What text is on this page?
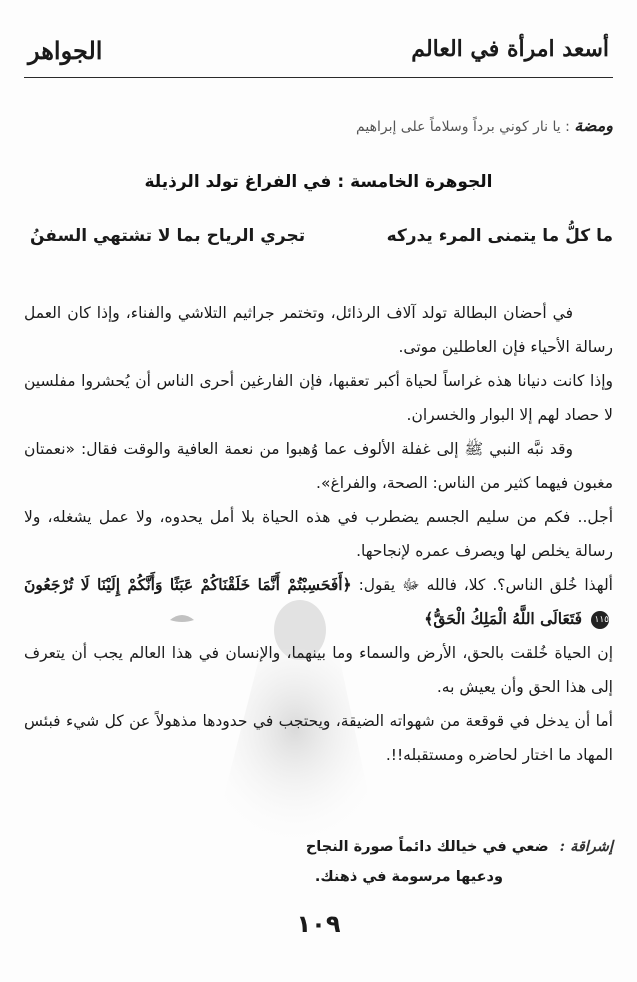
أسعد امرأة في العالم
الجواهر
ومضة : يا نار كوني برداً وسلاماً على إبراهيم
الجوهرة الخامسة : في الفراغ تولد الرذيلة
ما كلُّ ما يتمنى المرء يدركه
تجري الرياح بما لا تشتهي السفنُ

في أحضان البطالة تولد آلاف الرذائل، وتختمر جراثيم التلاشي والفناء، وإذا كان العمل رسالة الأحياء فإن العاطلين موتى.

وإذا كانت دنيانا هذه غراساً لحياة أكبر تعقبها، فإن الفارغين أحرى الناس أن يُحشروا مفلسين لا حصاد لهم إلا البوار والخسران.

وقد نبَّه النبي ﷺ إلى غفلة الألوف عما وُهبوا من نعمة العافية والوقت فقال: «نعمتان مغبون فيهما كثير من الناس: الصحة، والفراغ».

أجل.. فكم من سليم الجسم يضطرب في هذه الحياة بلا أمل يحدوه، ولا عمل يشغله، ولا رسالة يخلص لها ويصرف عمره لإنجاحها.

ألهذا خُلق الناس؟. كلا، فالله ﷻ يقول: ﴿أَفَحَسِبْتُمْ أَنَّمَا خَلَقْنَاكُمْ عَبَثًا وَأَنَّكُمْ إِلَيْنَا لَا تُرْجَعُونَ ١١٥ فَتَعَالَى اللَّهُ الْمَلِكُ الْحَقُّ﴾

إن الحياة خُلقت بالحق، الأرض والسماء وما بينهما، والإنسان في هذا العالم يجب أن يتعرف إلى هذا الحق وأن يعيش به.

أما أن يدخل في قوقعة من شهواته الضيقة، ويحتجب في حدودها مذهولاً عن كل شيء فبئس المهاد ما اختار لحاضره ومستقبله!!.

إشراقة : ضعي في خيالك دائماً صورة النجاح
ودعيها مرسومة في ذهنك.
١٠٩
